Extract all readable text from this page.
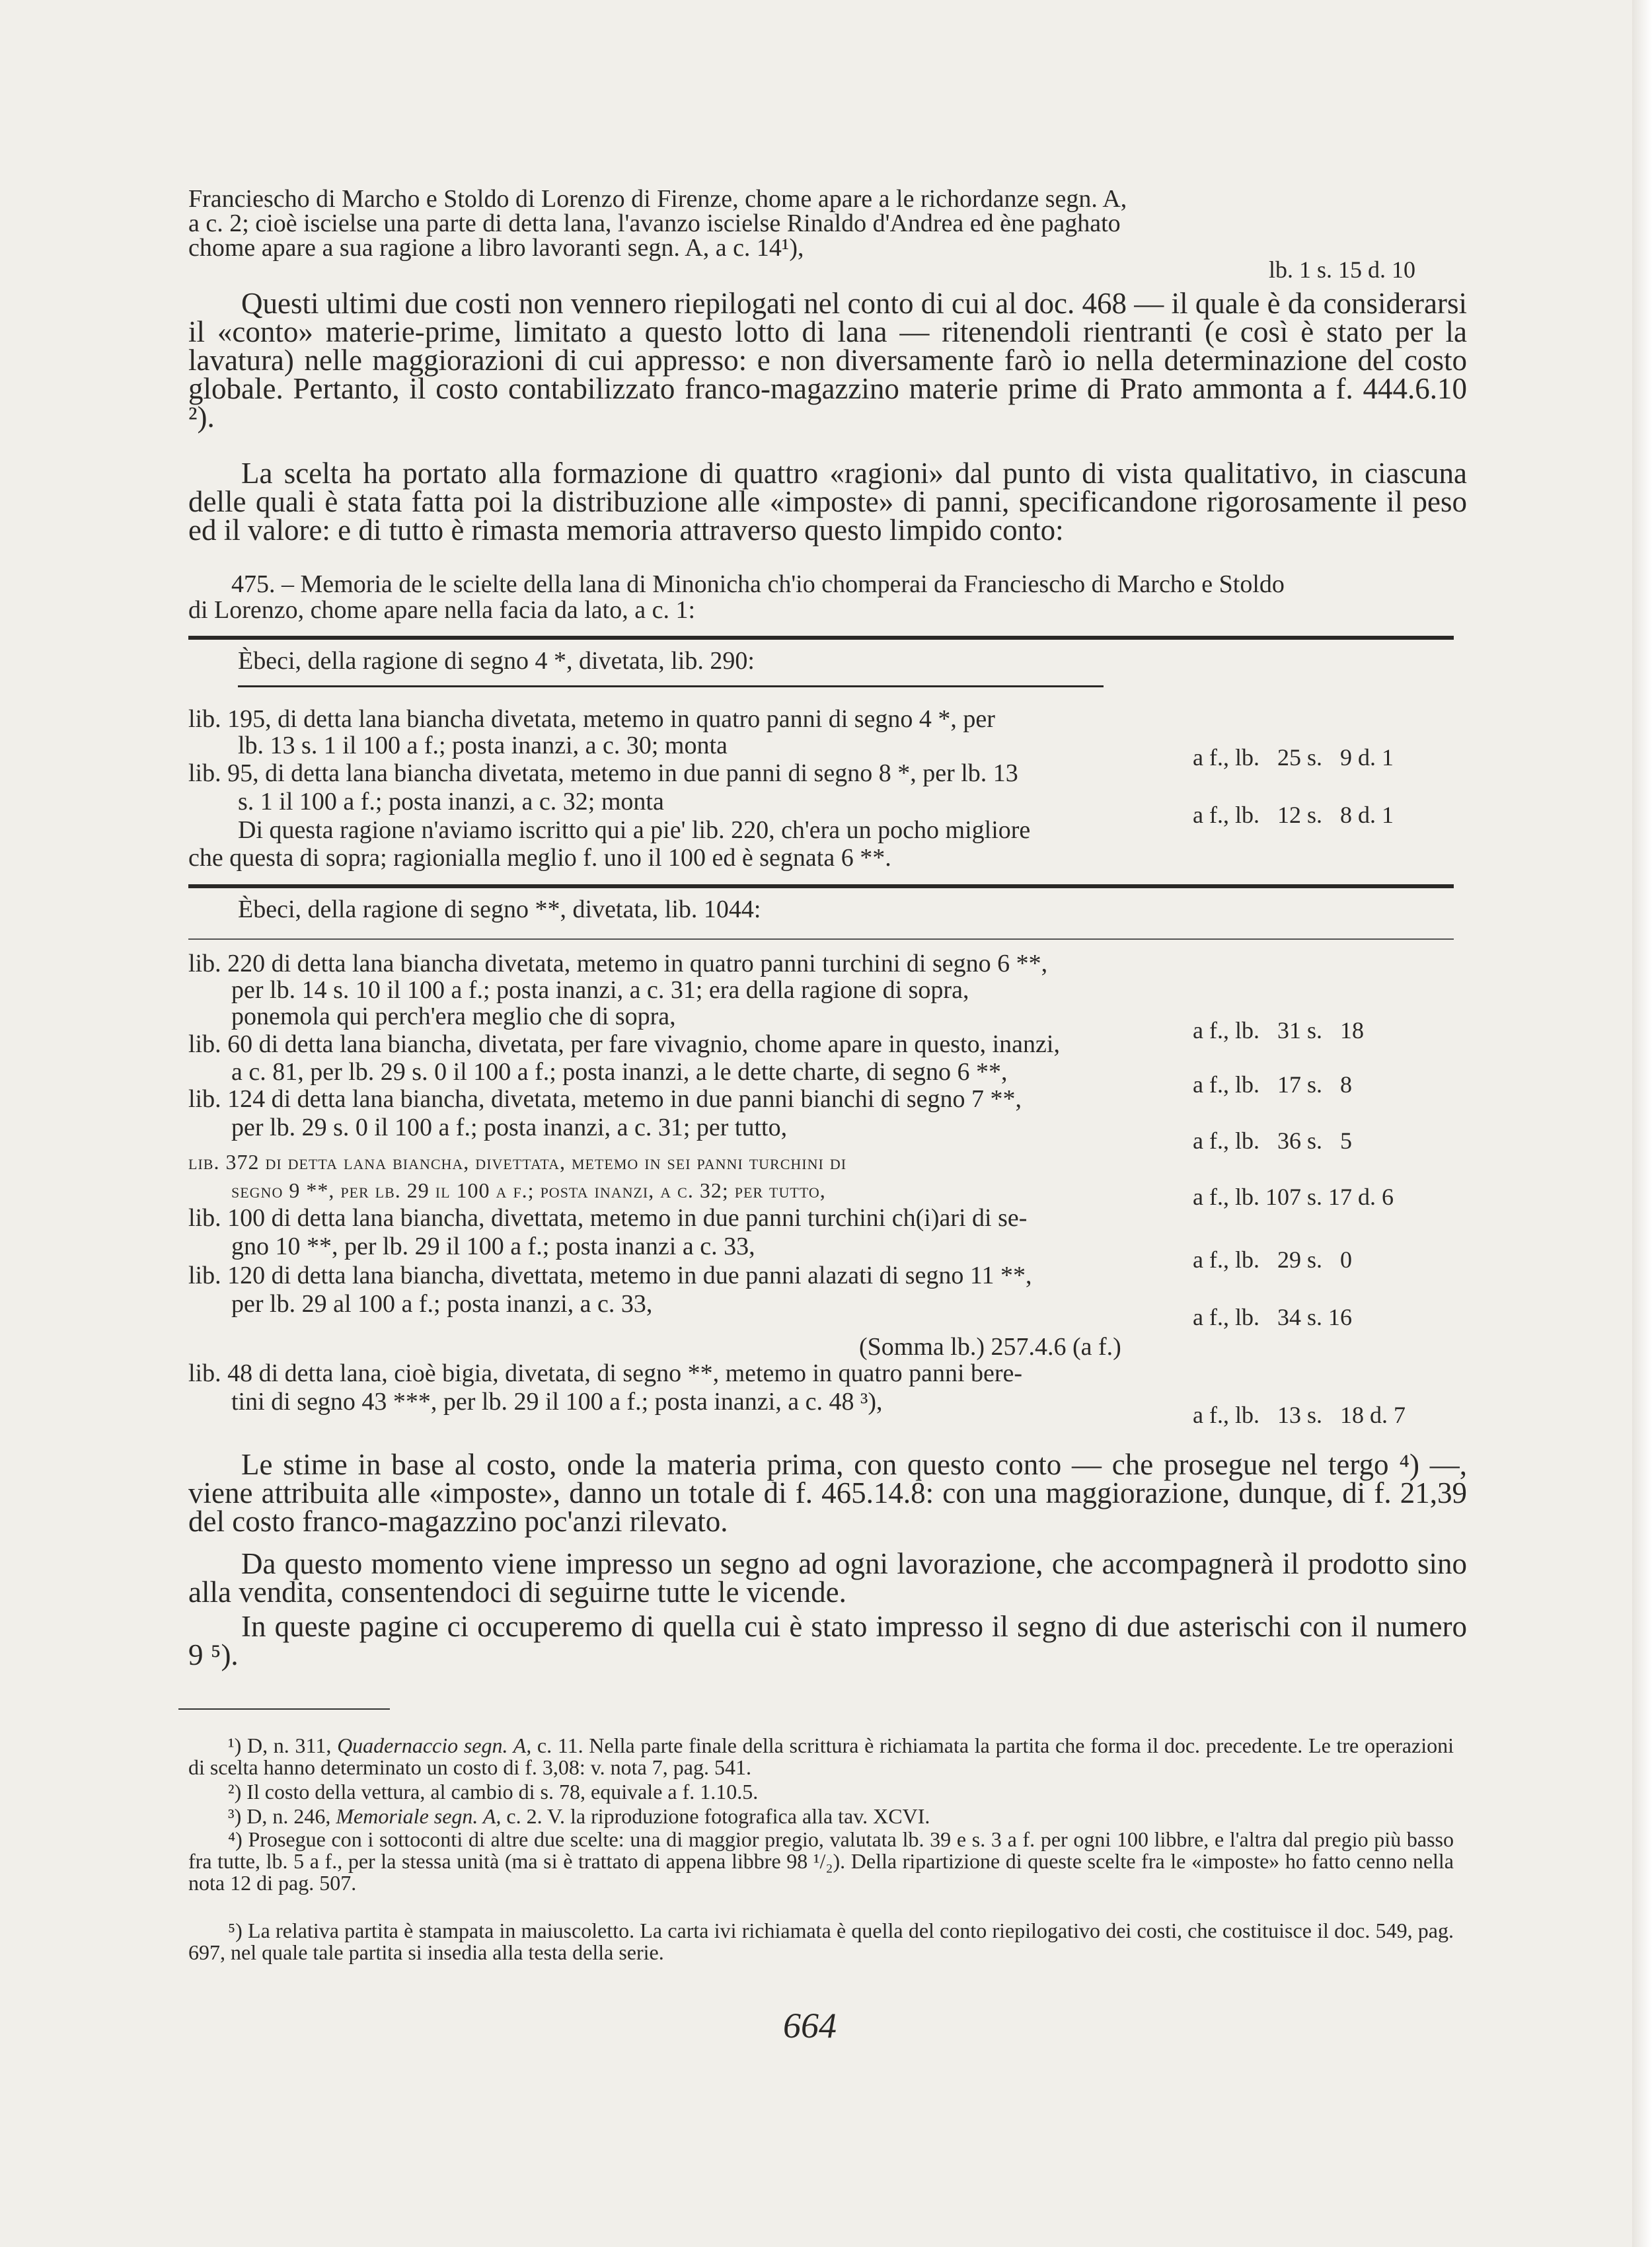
Franciescho di Marcho e Stoldo di Lorenzo di Firenze, chome apare a le richordanze segn. A,
a c. 2; cioè iscielse una parte di detta lana, l'avanzo iscielse Rinaldo d'Andrea ed ène paghato
chome apare a sua ragione a libro lavoranti segn. A, a c. 14¹),
lb. 1 s. 15 d. 10
Questi ultimi due costi non vennero riepilogati nel conto di cui al doc. 468 — il quale è da considerarsi il «conto» materie-prime, limitato a questo lotto di lana — ritenendoli rientranti (e così è stato per la lavatura) nelle maggiorazioni di cui appresso: e non diversamente farò io nella determinazione del costo globale. Pertanto, il costo contabilizzato franco-magazzino materie prime di Prato ammonta a f. 444.6.10 ²).
La scelta ha portato alla formazione di quattro «ragioni» dal punto di vista qualitativo, in ciascuna delle quali è stata fatta poi la distribuzione alle «imposte» di panni, specificandone rigorosamente il peso ed il valore: e di tutto è rimasta memoria attraverso questo limpido conto:
475. – Memoria de le scielte della lana di Minonicha ch'io chomperai da Franciescho di Marcho e Stoldo
di Lorenzo, chome apare nella facia da lato, a c. 1:
Èbeci, della ragione di segno 4 *, divetata, lib. 290:
lib. 195, di detta lana biancha divetata, metemo in quatro panni di segno 4 *, per
lb. 13 s. 1 il 100 a f.; posta inanzi, a c. 30; monta	a f., lb.   25 s.   9 d. 1
lib. 95, di detta lana biancha divetata, metemo in due panni di segno 8 *, per lb. 13
s. 1 il 100 a f.; posta inanzi, a c. 32; monta	a f., lb.   12 s.   8 d. 1
Di questa ragione n'aviamo iscritto qui a pie' lib. 220, ch'era un pocho migliore
che questa di sopra; ragionialla meglio f. uno il 100 ed è segnata 6 **.
Èbeci, della ragione di segno **, divetata, lib. 1044:
lib. 220 di detta lana biancha divetata, metemo in quatro panni turchini di segno 6 **,
per lb. 14 s. 10 il 100 a f.; posta inanzi, a c. 31; era della ragione di sopra,
ponemola qui perch'era meglio che di sopra,	a f., lb.   31 s.   18
lib. 60 di detta lana biancha, divetata, per fare vivagnio, chome apare in questo, inanzi,
a c. 81, per lb. 29 s. 0 il 100 a f.; posta inanzi, a le dette charte, di segno 6 **,	a f., lb.   17 s.   8
lib. 124 di detta lana biancha, divetata, metemo in due panni bianchi di segno 7 **,
per lb. 29 s. 0 il 100 a f.; posta inanzi, a c. 31; per tutto,	a f., lb.   36 s.   5
lib. 372 di detta lana biancha, divettata, metemo in sei panni turchini di
segno 9 **, per lb. 29 il 100 a f.; posta inanzi, a c. 32; per tutto,	a f., lb. 107 s. 17 d. 6
lib. 100 di detta lana biancha, divettata, metemo in due panni turchini ch(i)ari di se-
gno 10 **, per lb. 29 il 100 a f.; posta inanzi a c. 33,	a f., lb.   29 s.   0
lib. 120 di detta lana biancha, divettata, metemo in due panni alazati di segno 11 **,
per lb. 29 al 100 a f.; posta inanzi, a c. 33,	a f., lb.   34 s. 16
(Somma lb.) 257.4.6 (a f.)
lib. 48 di detta lana, cioè bigia, divetata, di segno **, metemo in quatro panni bere-
tini di segno 43 ***, per lb. 29 il 100 a f.; posta inanzi, a c. 48 ³),	a f., lb.   13 s.   18 d. 7
Le stime in base al costo, onde la materia prima, con questo conto — che prosegue nel tergo ⁴) —, viene attribuita alle «imposte», danno un totale di f. 465.14.8: con una maggiorazione, dunque, di f. 21,39 del costo franco-magazzino poc'anzi rilevato.
Da questo momento viene impresso un segno ad ogni lavorazione, che accompagnerà il prodotto sino alla vendita, consentendoci di seguirne tutte le vicende.
In queste pagine ci occuperemo di quella cui è stato impresso il segno di due asterischi con il numero 9 ⁵).
¹) D, n. 311, Quadernaccio segn. A, c. 11. Nella parte finale della scrittura è richiamata la partita che forma il doc. precedente. Le tre operazioni di scelta hanno determinato un costo di f. 3,08: v. nota 7, pag. 541.
²) Il costo della vettura, al cambio di s. 78, equivale a f. 1.10.5.
³) D, n. 246, Memoriale segn. A, c. 2. V. la riproduzione fotografica alla tav. XCVI.
⁴) Prosegue con i sottoconti di altre due scelte: una di maggior pregio, valutata lb. 39 e s. 3 a f. per ogni 100 libbre, e l'altra dal pregio più basso fra tutte, lb. 5 a f., per la stessa unità (ma si è trattato di appena libbre 98 ¹/₂). Della ripartizione di queste scelte fra le «imposte» ho fatto cenno nella nota 12 di pag. 507.
⁵) La relativa partita è stampata in maiuscoletto. La carta ivi richiamata è quella del conto riepilogativo dei costi, che costituisce il doc. 549, pag. 697, nel quale tale partita si insedia alla testa della serie.
664
